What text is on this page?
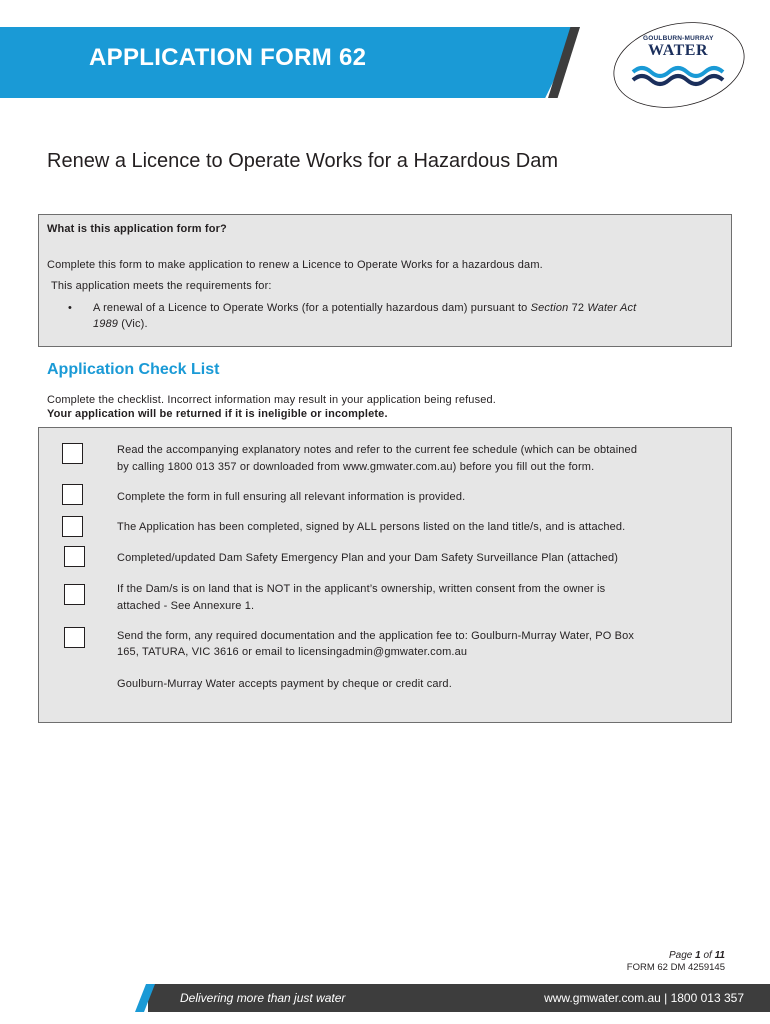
APPLICATION FORM 62
GOULBURN-MURRAY
WATER
Renew a Licence to Operate Works for a Hazardous Dam
What is this application form for?
Complete this form to make application to renew a Licence to Operate Works for a hazardous dam.
This application meets the requirements for:
• A renewal of a Licence to Operate Works (for a potentially hazardous dam) pursuant to Section 72 Water Act
1989 (Vic).
Application Check List
Complete the checklist. Incorrect information may result in your application being refused.
Your application will be returned if it is ineligible or incomplete.
Read the accompanying explanatory notes and refer to the current fee schedule (which can be obtained
by calling 1800 013 357 or downloaded from www.gmwater.com.au) before you fill out the form.
Complete the form in full ensuring all relevant information is provided.
The Application has been completed, signed by ALL persons listed on the land title/s, and is attached.
Completed/updated Dam Safety Emergency Plan and your Dam Safety Surveillance Plan (attached)
If the Dam/s is on land that is NOT in the applicant’s ownership, written consent from the owner is
attached - See Annexure 1.
Send the form, any required documentation and the application fee to: Goulburn-Murray Water, PO Box
165, TATURA, VIC 3616 or email to licensingadmin@gmwater.com.au
Goulburn-Murray Water accepts payment by cheque or credit card.
Page 1 of 11
FORM 62 DM 4259145
Delivering more than just water	www.gmwater.com.au | 1800 013 357
